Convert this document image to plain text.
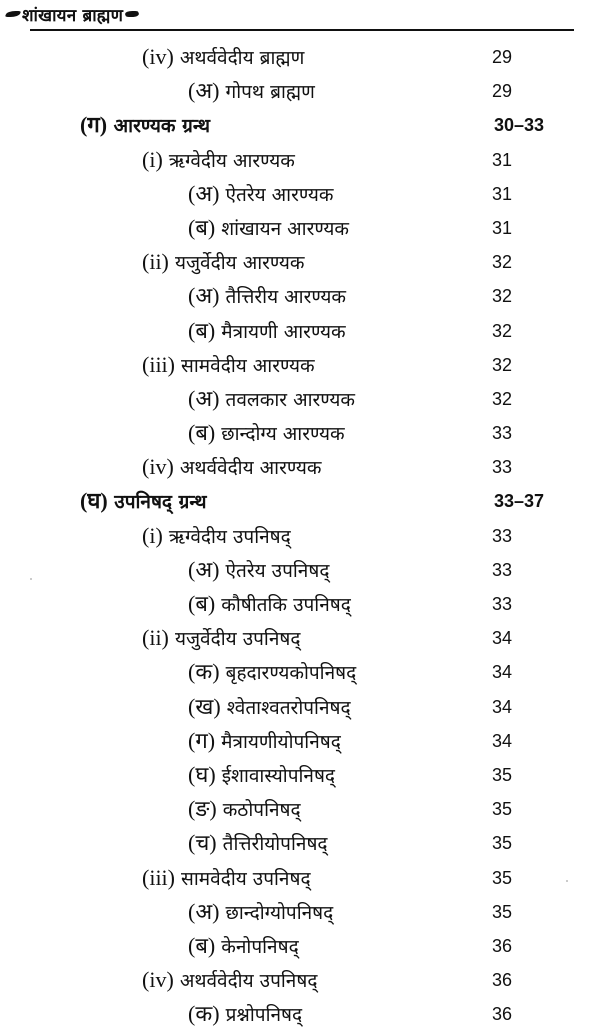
शांखायन ब्राह्मण
(iv) अथर्ववेदीय ब्राह्मण	29
(अ) गोपथ ब्राह्मण	29
(ग) आरण्यक ग्रन्थ	30–33
(i) ऋग्वेदीय आरण्यक	31
(अ) ऐतरेय आरण्यक	31
(ब) शांखायन आरण्यक	31
(ii) यजुर्वेदीय आरण्यक	32
(अ) तैत्तिरीय आरण्यक	32
(ब) मैत्रायणी आरण्यक	32
(iii) सामवेदीय आरण्यक	32
(अ) तवलकार आरण्यक	32
(ब) छान्दोग्य आरण्यक	33
(iv) अथर्ववेदीय आरण्यक	33
(घ) उपनिषद् ग्रन्थ	33–37
(i) ऋग्वेदीय उपनिषद्	33
(अ) ऐतरेय उपनिषद्	33
(ब) कौषीतकि उपनिषद्	33
(ii) यजुर्वेदीय उपनिषद्	34
(क) बृहदारण्यकोपनिषद्	34
(ख) श्वेताश्वतरोपनिषद्	34
(ग) मैत्रायणीयोपनिषद्	34
(घ) ईशावास्योपनिषद्	35
(ङ) कठोपनिषद्	35
(च) तैत्तिरीयोपनिषद्	35
(iii) सामवेदीय उपनिषद्	35
(अ) छान्दोग्योपनिषद्	35
(ब) केनोपनिषद्	36
(iv) अथर्ववेदीय उपनिषद्	36
(क) प्रश्नोपनिषद्	36
